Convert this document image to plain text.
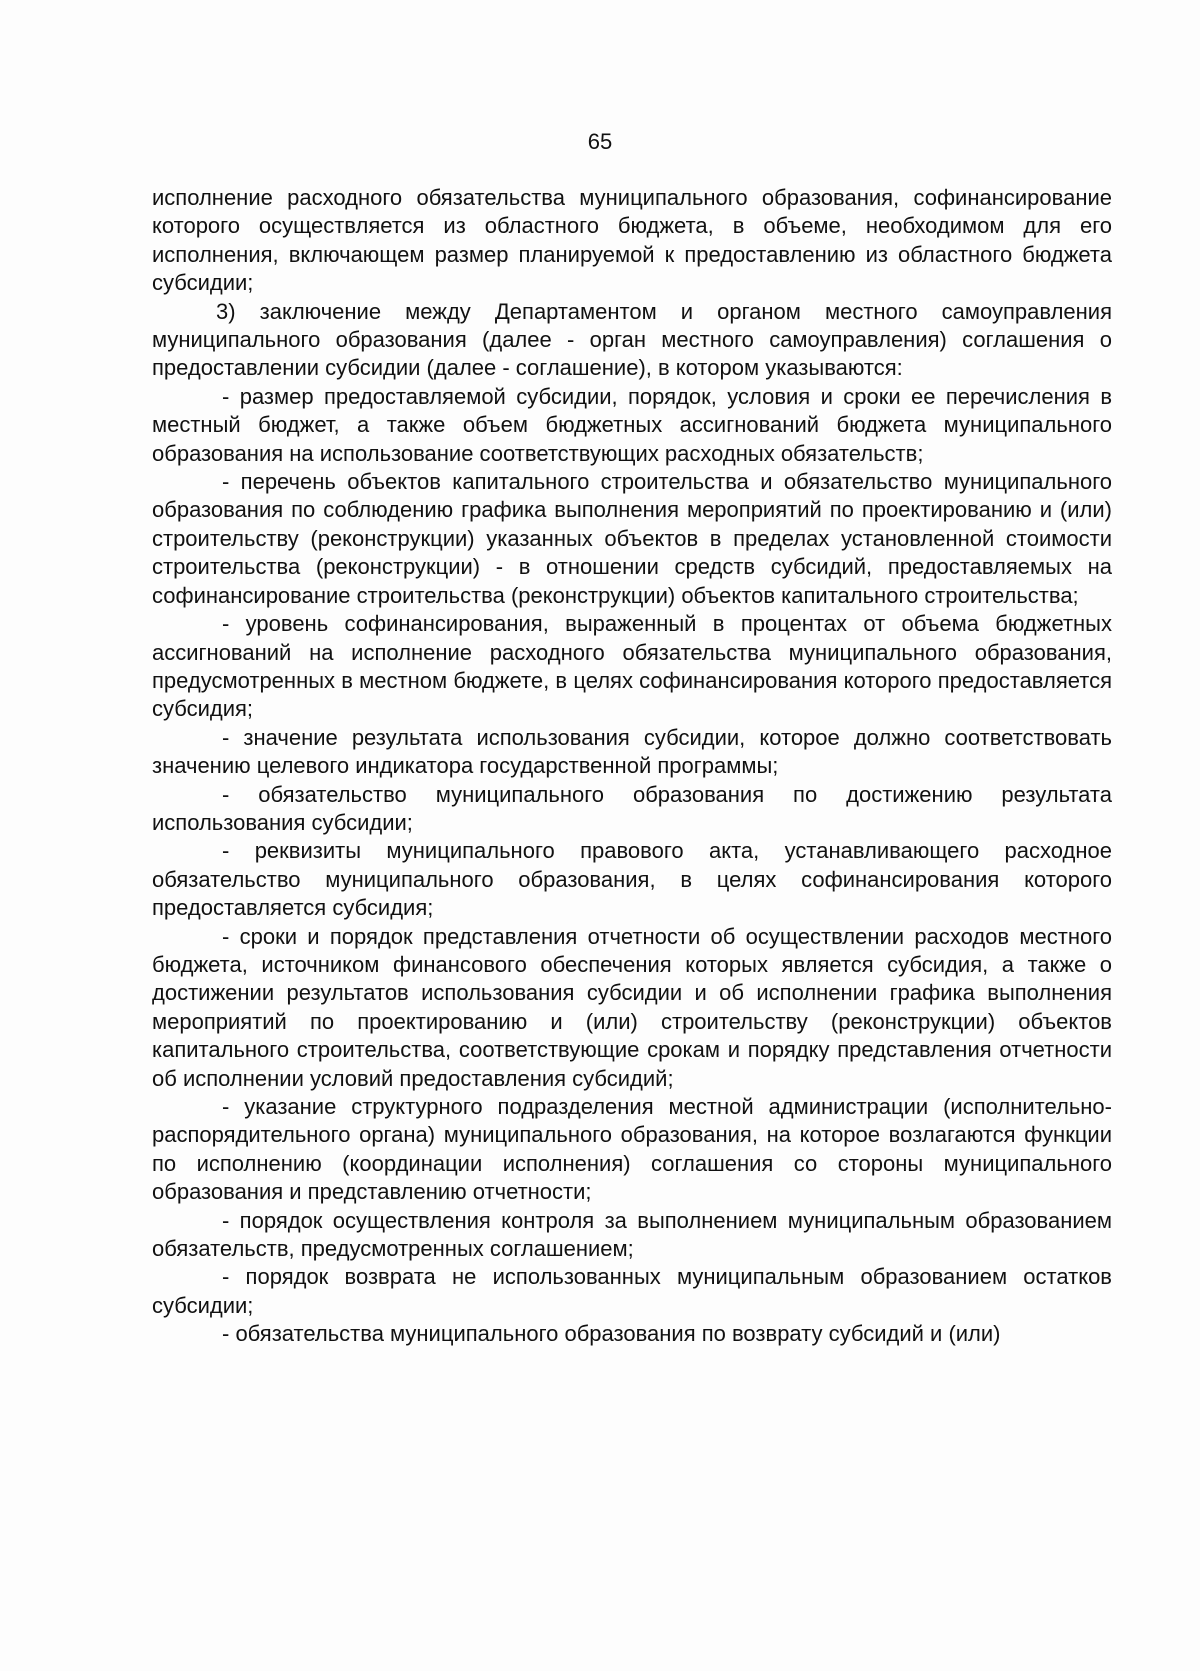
65

исполнение расходного обязательства муниципального образования, софинансирование которого осуществляется из областного бюджета, в объеме, необходимом для его исполнения, включающем размер планируемой к предоставлению из областного бюджета субсидии;

3) заключение между Департаментом и органом местного самоуправления муниципального образования (далее - орган местного самоуправления) соглашения о предоставлении субсидии (далее - соглашение), в котором указываются:

- размер предоставляемой субсидии, порядок, условия и сроки ее перечисления в местный бюджет, а также объем бюджетных ассигнований бюджета муниципального образования на использование соответствующих расходных обязательств;

- перечень объектов капитального строительства и обязательство муниципального образования по соблюдению графика выполнения мероприятий по проектированию и (или) строительству (реконструкции) указанных объектов в пределах установленной стоимости строительства (реконструкции) - в отношении средств субсидий, предоставляемых на софинансирование строительства (реконструкции) объектов капитального строительства;

- уровень софинансирования, выраженный в процентах от объема бюджетных ассигнований на исполнение расходного обязательства муниципального образования, предусмотренных в местном бюджете, в целях софинансирования которого предоставляется субсидия;

- значение результата использования субсидии, которое должно соответствовать значению целевого индикатора государственной программы;

- обязательство муниципального образования по достижению результата использования субсидии;

- реквизиты муниципального правового акта, устанавливающего расходное обязательство муниципального образования, в целях софинансирования которого предоставляется субсидия;

- сроки и порядок представления отчетности об осуществлении расходов местного бюджета, источником финансового обеспечения которых является субсидия, а также о достижении результатов использования субсидии и об исполнении графика выполнения мероприятий по проектированию и (или) строительству (реконструкции) объектов капитального строительства, соответствующие срокам и порядку представления отчетности об исполнении условий предоставления субсидий;

- указание структурного подразделения местной администрации (исполнительно-распорядительного органа) муниципального образования, на которое возлагаются функции по исполнению (координации исполнения) соглашения со стороны муниципального образования и представлению отчетности;

- порядок осуществления контроля за выполнением муниципальным образованием обязательств, предусмотренных соглашением;

- порядок возврата не использованных муниципальным образованием остатков субсидии;

- обязательства муниципального образования по возврату субсидий и (или)
